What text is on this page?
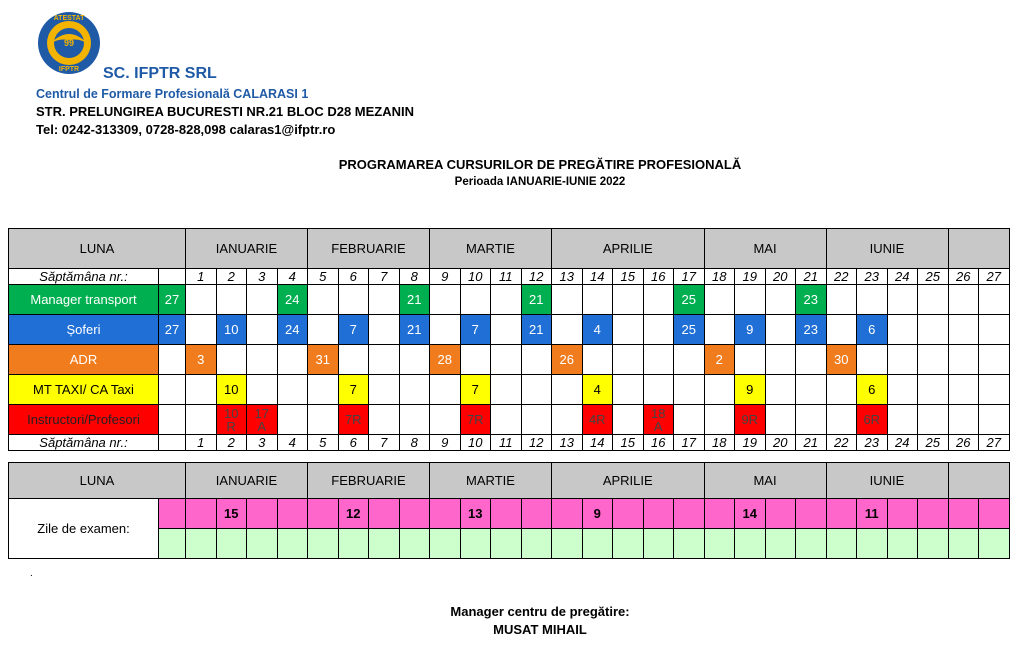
ATESTAT
99
IFPTR SC. IFPTR SRL
Centrul de Formare Profesională CALARASI 1
STR. PRELUNGIREA BUCURESTI NR.21 BLOC D28 MEZANIN
Tel: 0242-313309, 0728-828,098 calaras1@ifptr.ro
PROGRAMAREA CURSURILOR DE PREGĂTIRE PROFESIONALĂ
Perioada IANUARIE-IUNIE 2022
LUNA		IANUARIE				FEBRUARIE				MARTIE				APRILIE					MAI				IUNIE					
Săptămâna nr.:		1	2	3	4	5	6	7	8	9	10	11	12	13	14	15	16	17	18	19	20	21	22	23	24	25	26	27
Manager transport	27				24				21				21					25				23						
Șoferi	27		10		24		7		21		7		21		4			25		9		23		6				
ADR		3				31				28				26					2				30					
MT TAXI/ CA Taxi			10				7				7				4					9				6				
Instructori/Profesori			10 R	17 A			7R				7R				4R		18 A			9R				6R				
Săptămâna nr.:		1	2	3	4	5	6	7	8	9	10	11	12	13	14	15	16	17	18	19	20	21	22	23	24	25	26	27
LUNA		IANUARIE				FEBRUARIE				MARTIE				APRILIE					MAI				IUNIE					
Zile de examen:			15				12				13				9					14				11				

.
Manager centru de pregătire:
MUSAT MIHAIL
